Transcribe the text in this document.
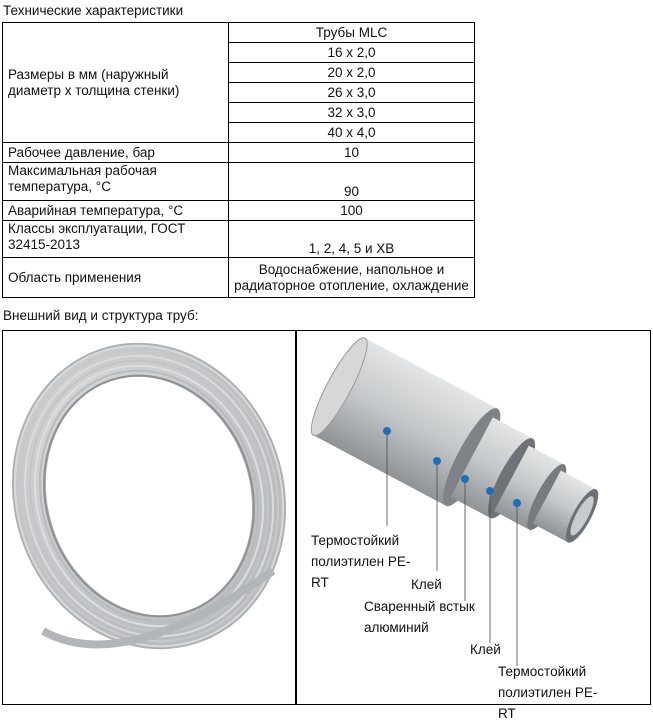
Технические характеристики
Размеры в мм (наружный диаметр х толщина стенки)	Трубы MLC
	16 х 2,0
	20 х 2,0
	26 х 3,0
	32 х 3,0
	40 х 4,0
Рабочее давление, бар	10
Максимальная рабочая температура, °С	90
Аварийная температура, °С	100
Классы эксплуатации, ГОСТ 32415-2013	1, 2, 4, 5 и ХВ
Область применения	Водоснабжение, напольное и радиаторное отопление, охлаждение
Внешний вид и структура труб:
Термостойкий полиэтилен PE-RT	Клей
Сваренный встык алюминий
Клей
Термостойкий полиэтилен PE-RT
